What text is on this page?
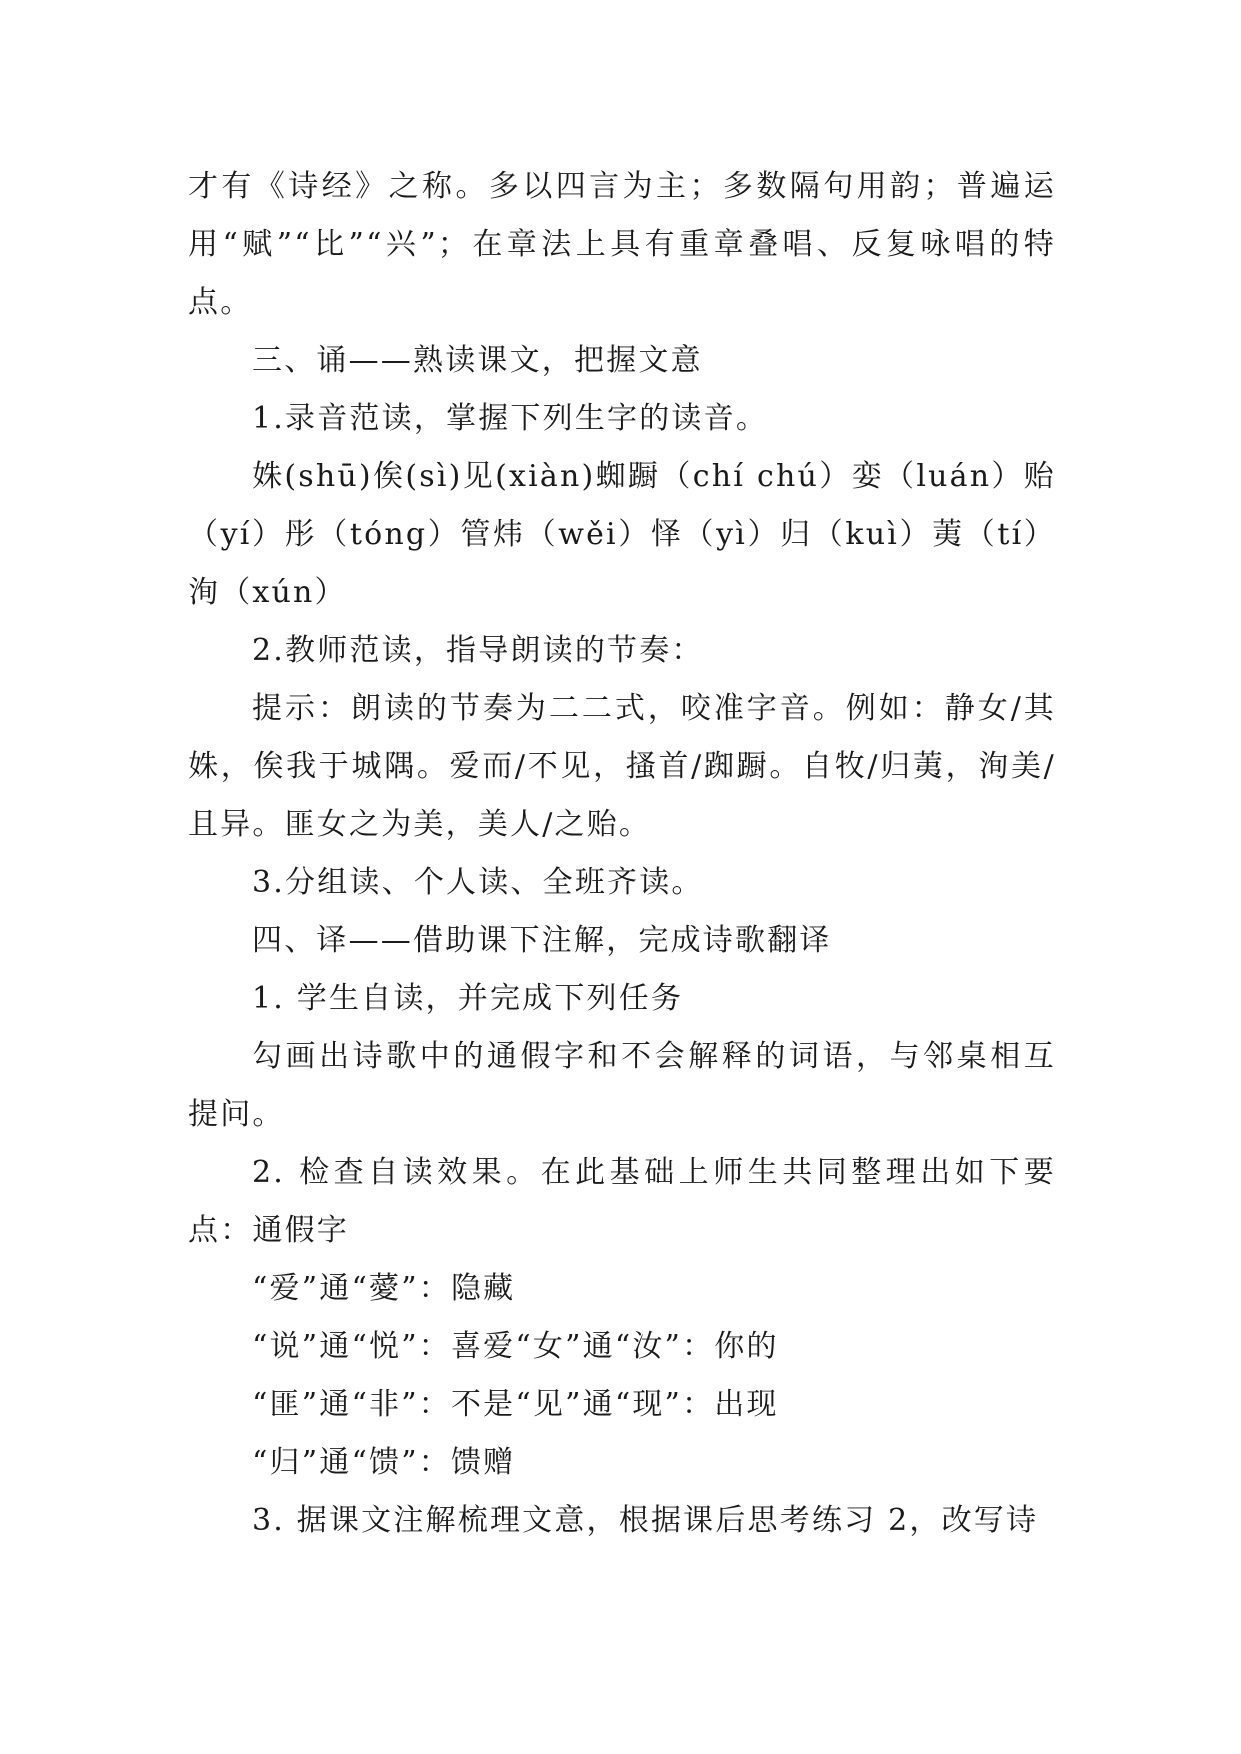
才有《诗经》之称。多以四言为主；多数隔句用韵；普遍运用“赋”“比”“兴”；在章法上具有重章叠唱、反复咏唱的特点。

三、诵——熟读课文，把握文意

1.录音范读，掌握下列生字的读音。

姝(shū)俟(sì)见(xiàn)蜘蹰（chí chú）娈（luán）贻（yí）彤（tóng）管炜（wěi）怿（yì）归（kuì）荑（tí）洵（xún）

2.教师范读，指导朗读的节奏：

提示：朗读的节奏为二二式，咬准字音。例如：静女/其姝，俟我于城隅。爱而/不见，搔首/踟蹰。自牧/归荑，洵美/且异。匪女之为美，美人/之贻。

3.分组读、个人读、全班齐读。

四、译——借助课下注解，完成诗歌翻译

1. 学生自读，并完成下列任务

勾画出诗歌中的通假字和不会解释的词语，与邻桌相互提问。

2. 检查自读效果。在此基础上师生共同整理出如下要点：通假字

“爱”通“薆”：隐藏

“说”通“悦”：喜爱“女”通“汝”：你的

“匪”通“非”：不是“见”通“现”：出现

“归”通“馈”：馈赠

3. 据课文注解梳理文意，根据课后思考练习 2，改写诗
